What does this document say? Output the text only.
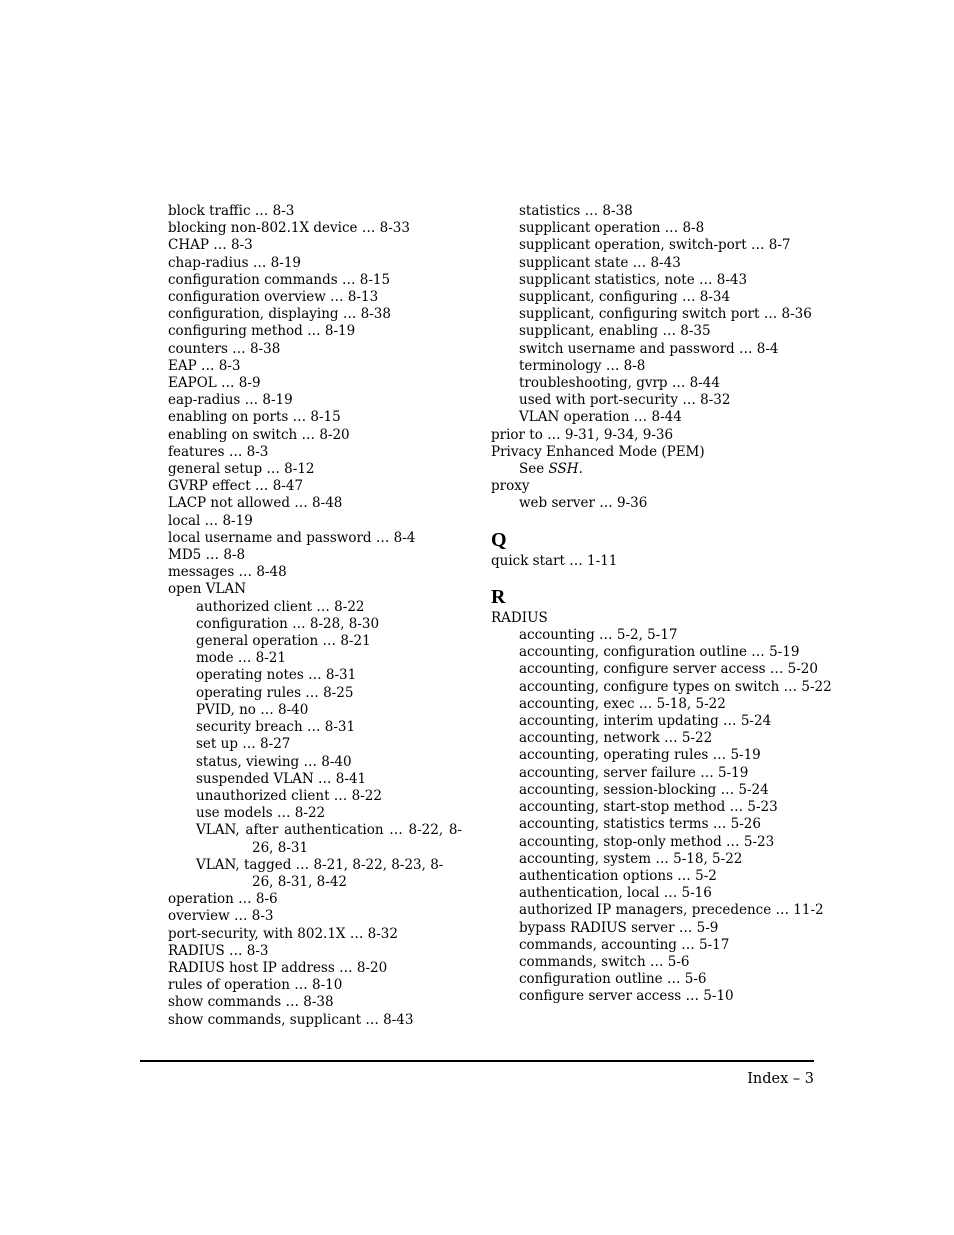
block traffic … 8-3
blocking non-802.1X device … 8-33
CHAP … 8-3
chap-radius … 8-19
configuration commands … 8-15
configuration overview … 8-13
configuration, displaying … 8-38
configuring method … 8-19
counters … 8-38
EAP … 8-3
EAPOL … 8-9
eap-radius … 8-19
enabling on ports … 8-15
enabling on switch … 8-20
features … 8-3
general setup … 8-12
GVRP effect … 8-47
LACP not allowed … 8-48
local … 8-19
local username and password … 8-4
MD5 … 8-8
messages … 8-48
open VLAN
authorized client … 8-22
configuration … 8-28, 8-30
general operation … 8-21
mode … 8-21
operating notes … 8-31
operating rules … 8-25
PVID, no … 8-40
security breach … 8-31
set up … 8-27
status, viewing … 8-40
suspended VLAN … 8-41
unauthorized client … 8-22
use models … 8-22
VLAN, after authentication … 8-22, 8-26, 8-31
VLAN, tagged … 8-21, 8-22, 8-23, 8-26, 8-31, 8-42
operation … 8-6
overview … 8-3
port-security, with 802.1X … 8-32
RADIUS … 8-3
RADIUS host IP address … 8-20
rules of operation … 8-10
show commands … 8-38
show commands, supplicant … 8-43
statistics … 8-38
supplicant operation … 8-8
supplicant operation, switch-port … 8-7
supplicant state … 8-43
supplicant statistics, note … 8-43
supplicant, configuring … 8-34
supplicant, configuring switch port … 8-36
supplicant, enabling … 8-35
switch username and password … 8-4
terminology … 8-8
troubleshooting, gvrp … 8-44
used with port-security … 8-32
VLAN operation … 8-44
prior to … 9-31, 9-34, 9-36
Privacy Enhanced Mode (PEM)
See SSH.
proxy
web server … 9-36
Q
quick start … 1-11
R
RADIUS
accounting … 5-2, 5-17
accounting, configuration outline … 5-19
accounting, configure server access … 5-20
accounting, configure types on switch … 5-22
accounting, exec … 5-18, 5-22
accounting, interim updating … 5-24
accounting, network … 5-22
accounting, operating rules … 5-19
accounting, server failure … 5-19
accounting, session-blocking … 5-24
accounting, start-stop method … 5-23
accounting, statistics terms … 5-26
accounting, stop-only method … 5-23
accounting, system … 5-18, 5-22
authentication options … 5-2
authentication, local … 5-16
authorized IP managers, precedence … 11-2
bypass RADIUS server … 5-9
commands, accounting … 5-17
commands, switch … 5-6
configuration outline … 5-6
configure server access … 5-10
Index – 3
